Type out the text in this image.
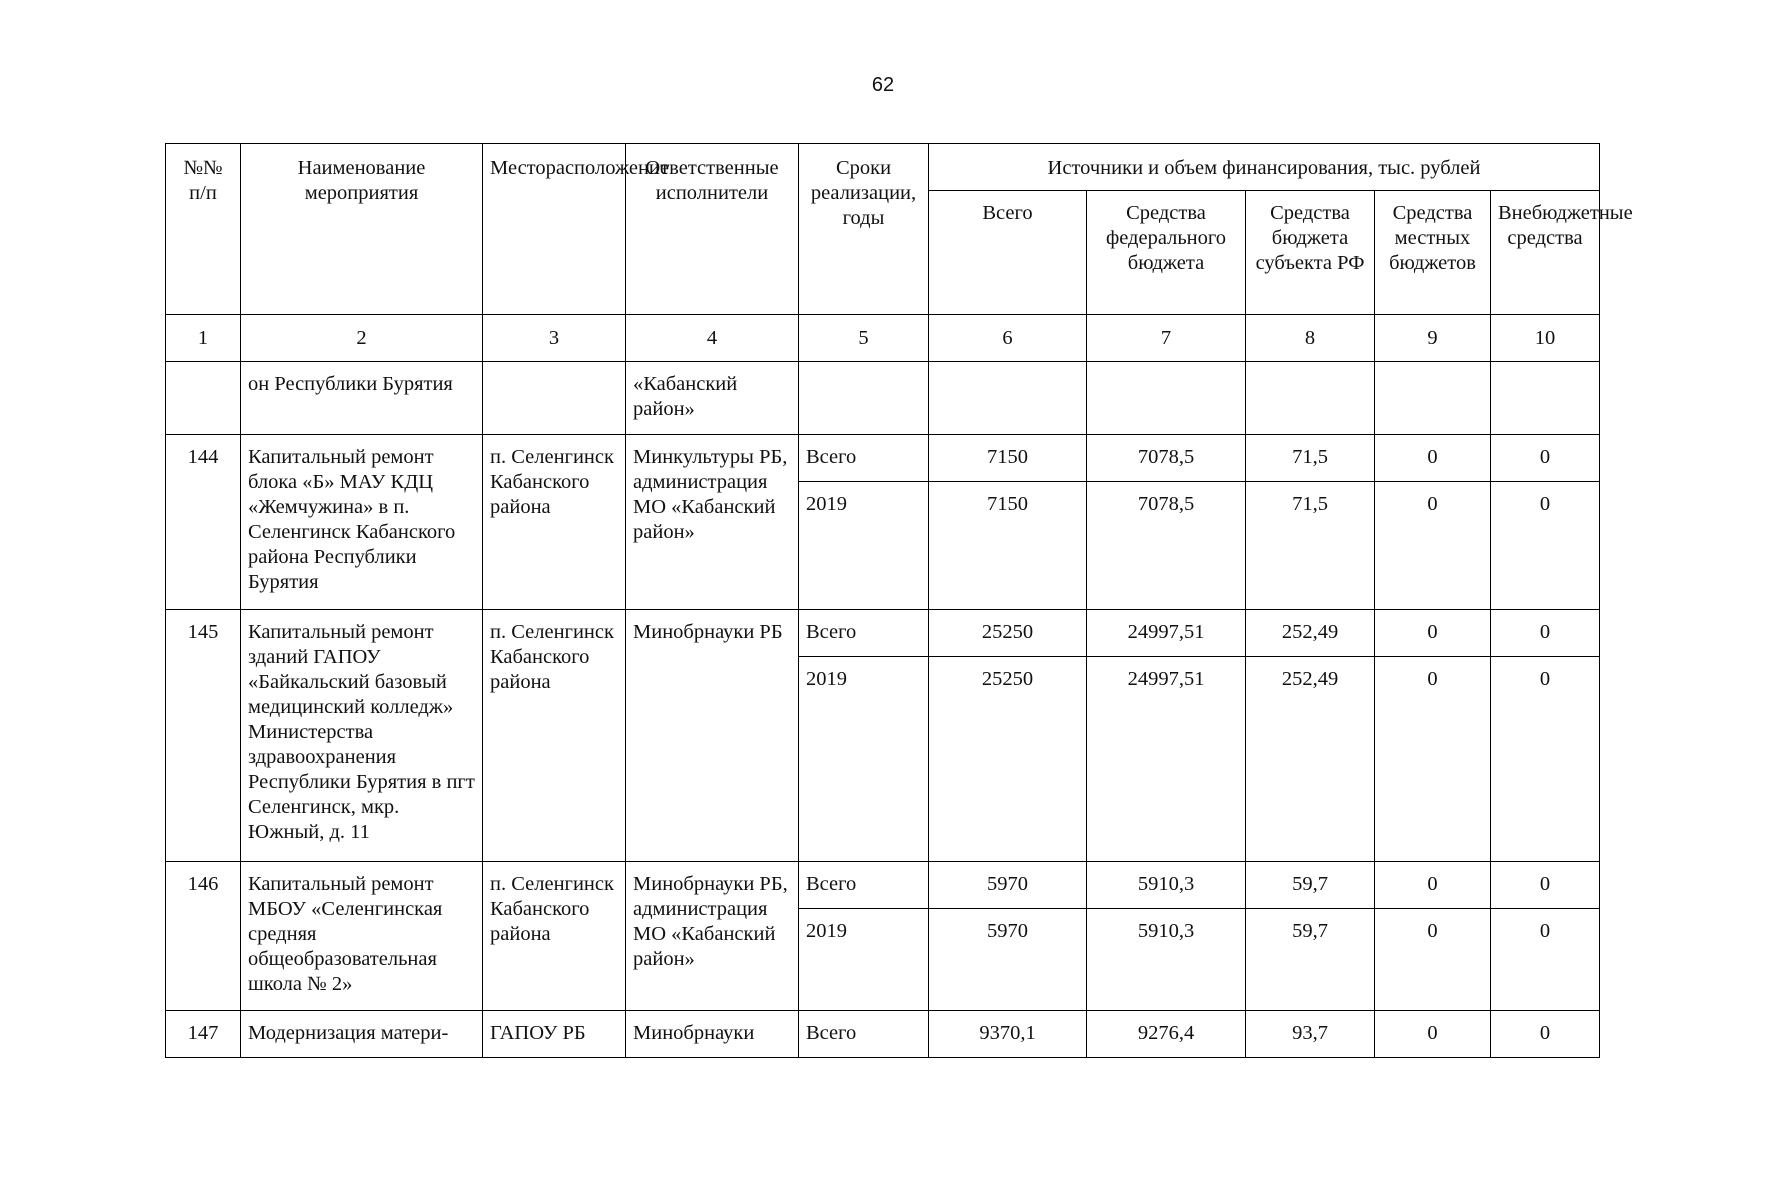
62
№№ п/п	Наименование мероприятия	Месторасположение	Ответственные исполнители	Сроки реализации, годы	Источники и объем финансирования, тыс. рублей				
					Всего	Средства федерального бюджета	Средства бюджета субъекта РФ	Средства местных бюджетов	Внебюджетные средства
1	2	3	4	5	6	7	8	9	10
	он Республики Бурятия		«Кабанский район»						
144	Капитальный ремонт блока «Б» МАУ КДЦ «Жемчужина» в п. Селенгинск Кабанского района Республики Бурятия	п. Селенгинск Кабанского района	Минкультуры РБ, администрация МО «Кабанский район»	Всего	7150	7078,5	71,5	0	0
				2019	7150	7078,5	71,5	0	0
145	Капитальный ремонт зданий ГАПОУ «Байкальский базовый медицинский колледж» Министерства здравоохранения Республики Бурятия в пгт Селенгинск, мкр. Южный, д. 11	п. Селенгинск Кабанского района	Минобрнауки РБ	Всего	25250	24997,51	252,49	0	0
				2019	25250	24997,51	252,49	0	0
146	Капитальный ремонт МБОУ «Селенгинская средняя общеобразовательная школа № 2»	п. Селенгинск Кабанского района	Минобрнауки РБ, администрация МО «Кабанский район»	Всего	5970	5910,3	59,7	0	0
				2019	5970	5910,3	59,7	0	0
147	Модернизация матери-	ГАПОУ РБ	Минобрнауки	Всего	9370,1	9276,4	93,7	0	0
